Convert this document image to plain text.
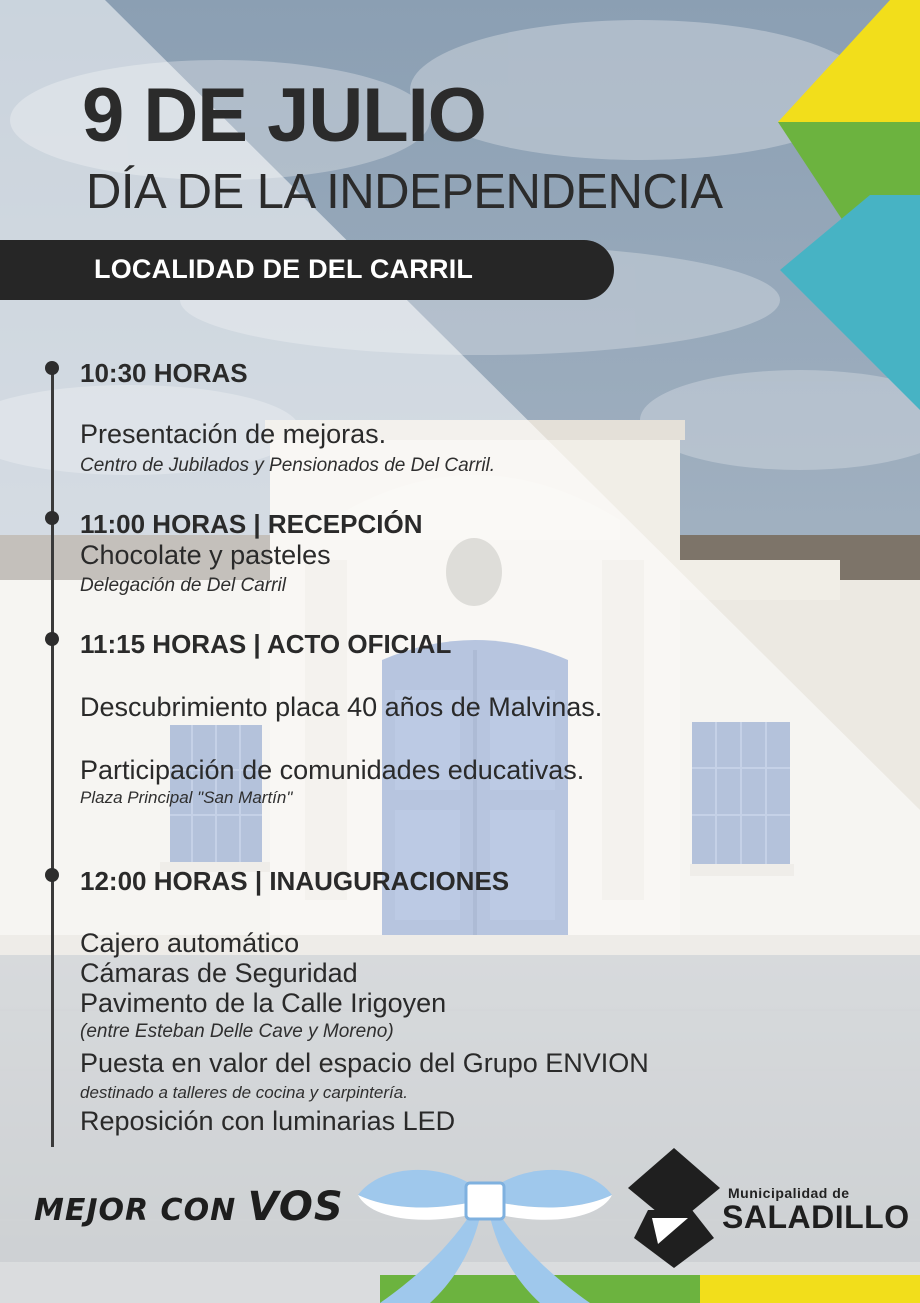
9 DE JULIO
DÍA DE LA INDEPENDENCIA
LOCALIDAD DE DEL CARRIL

10:30 HORAS

Presentación de mejoras.

Centro de Jubilados y Pensionados de Del Carril.

11:00 HORAS | RECEPCIÓN

Chocolate y pasteles

Delegación de Del Carril

11:15 HORAS | ACTO OFICIAL

Descubrimiento placa 40 años de Malvinas.

Participación de comunidades educativas.

Plaza Principal "San Martín"

12:00 HORAS | INAUGURACIONES

Cajero automático

Cámaras de Seguridad

Pavimento de la Calle Irigoyen

(entre Esteban Delle Cave y Moreno)

Puesta en valor del espacio del Grupo ENVION

destinado a talleres de cocina y carpintería.

Reposición con luminarias LED

MEJOR CON VOS	Municipalidad de
SALADILLO
